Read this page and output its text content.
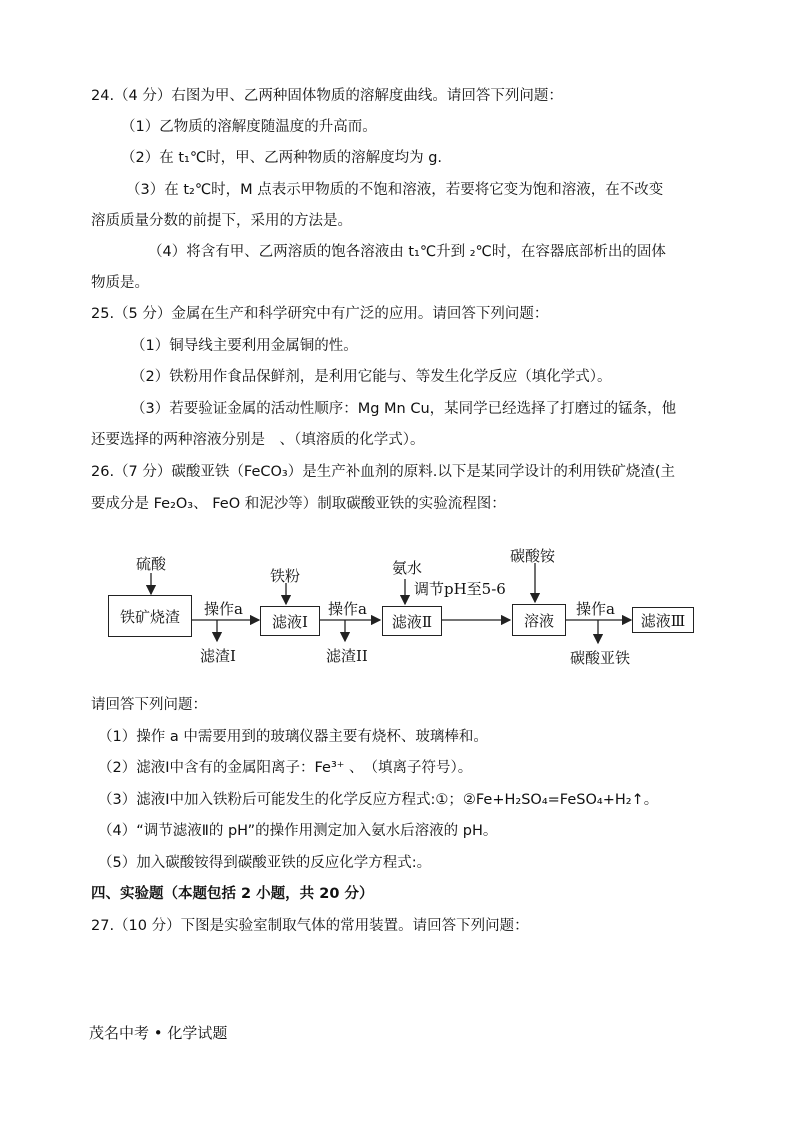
24.（4 分）右图为甲、乙两种固体物质的溶解度曲线。请回答下列问题：
（1）乙物质的溶解度随温度的升高而。
（2）在 t₁℃时，甲、乙两种物质的溶解度均为 g.
（3）在 t₂℃时，M 点表示甲物质的不饱和溶液，若要将它变为饱和溶液，在不改变
溶质质量分数的前提下，采用的方法是。
（4）将含有甲、乙两溶质的饱各溶液由 t₁℃升到 ₂℃时，在容器底部析出的固体
物质是。
25.（5 分）金属在生产和科学研究中有广泛的应用。请回答下列问题：
（1）铜导线主要利用金属铜的性。
（2）铁粉用作食品保鲜剂，是利用它能与、等发生化学反应（填化学式）。
（3）若要验证金属的活动性顺序：Mg Mn Cu，某同学已经选择了打磨过的锰条，他
还要选择的两种溶液分别是　、（填溶质的化学式）。
26.（7 分）碳酸亚铁（FeCO₃）是生产补血剂的原料.以下是某同学设计的利用铁矿烧渣(主
要成分是 Fe₂O₃、 FeO 和泥沙等）制取碳酸亚铁的实验流程图：
铁矿烧渣	滤液Ⅰ	滤液Ⅱ	溶液	滤液Ⅲ
硫酸
铁粉	氨水
调节pH至5-6
碳酸铵
操作a	操作a	操作a
滤渣Ⅰ	滤渣II	碳酸亚铁
请回答下列问题：
（1）操作 a 中需要用到的玻璃仪器主要有烧杯、玻璃棒和。
（2）滤液Ⅰ中含有的金属阳离子：Fe³⁺ 、　（填离子符号）。
（3）滤液Ⅰ中加入铁粉后可能发生的化学反应方程式:①；②Fe+H₂SO₄=FeSO₄+H₂↑。
（4）“调节滤液Ⅱ的 pH”的操作用测定加入氨水后溶液的 pH。
（5）加入碳酸铵得到碳酸亚铁的反应化学方程式:。
四、实验题（本题包括 2 小题，共 20 分）
27.（10 分）下图是实验室制取气体的常用装置。请回答下列问题：
茂名中考 • 化学试题
